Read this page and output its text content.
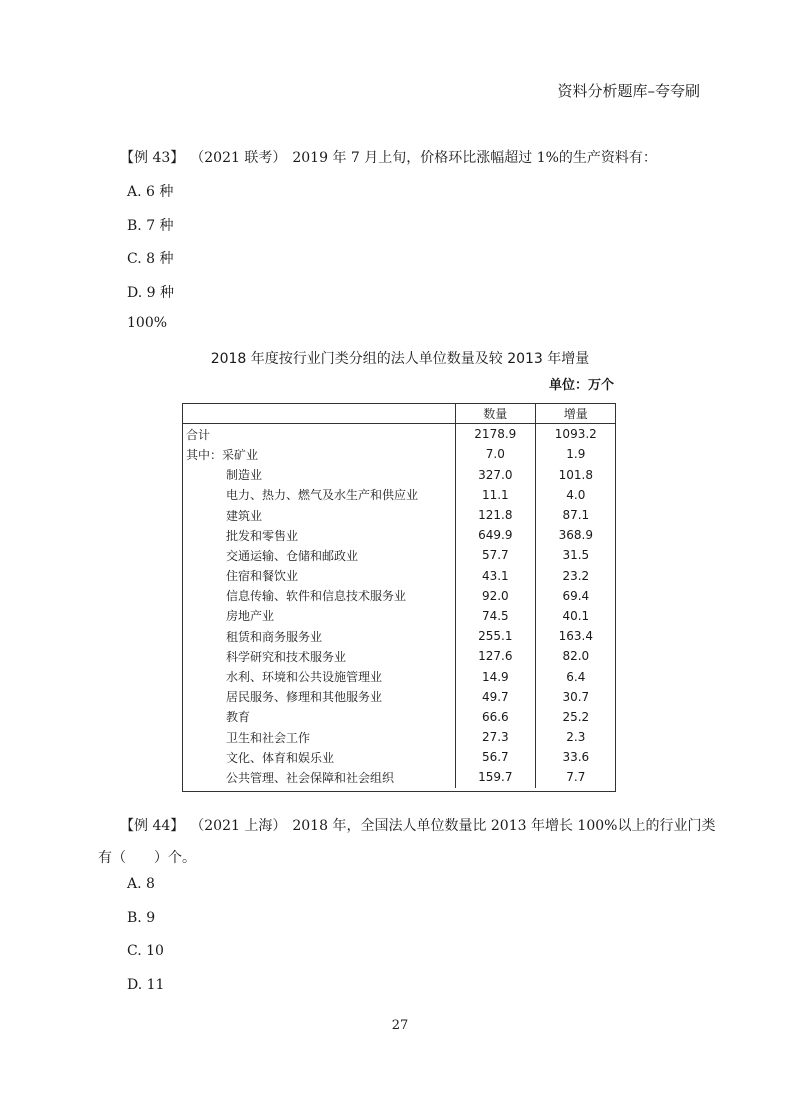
资料分析题库–夸夸刷
【例 43】 （2021 联考） 2019 年 7 月上旬，价格环比涨幅超过 1%的生产资料有：
A. 6 种
B. 7 种
C. 8 种
D. 9 种
100%
2018 年度按行业门类分组的法人单位数量及较 2013 年增量
单位：万个
	数量	增量
合计	2178.9	1093.2
其中：采矿业	7.0	1.9
制造业	327.0	101.8
电力、热力、燃气及水生产和供应业	11.1	4.0
建筑业	121.8	87.1
批发和零售业	649.9	368.9
交通运输、仓储和邮政业	57.7	31.5
住宿和餐饮业	43.1	23.2
信息传输、软件和信息技术服务业	92.0	69.4
房地产业	74.5	40.1
租赁和商务服务业	255.1	163.4
科学研究和技术服务业	127.6	82.0
水利、环境和公共设施管理业	14.9	6.4
居民服务、修理和其他服务业	49.7	30.7
教育	66.6	25.2
卫生和社会工作	27.3	2.3
文化、体育和娱乐业	56.7	33.6
公共管理、社会保障和社会组织	159.7	7.7
【例 44】 （2021 上海） 2018 年，全国法人单位数量比 2013 年增长 100%以上的行业门类
有（　　）个。
A. 8
B. 9
C. 10
D. 11
27
